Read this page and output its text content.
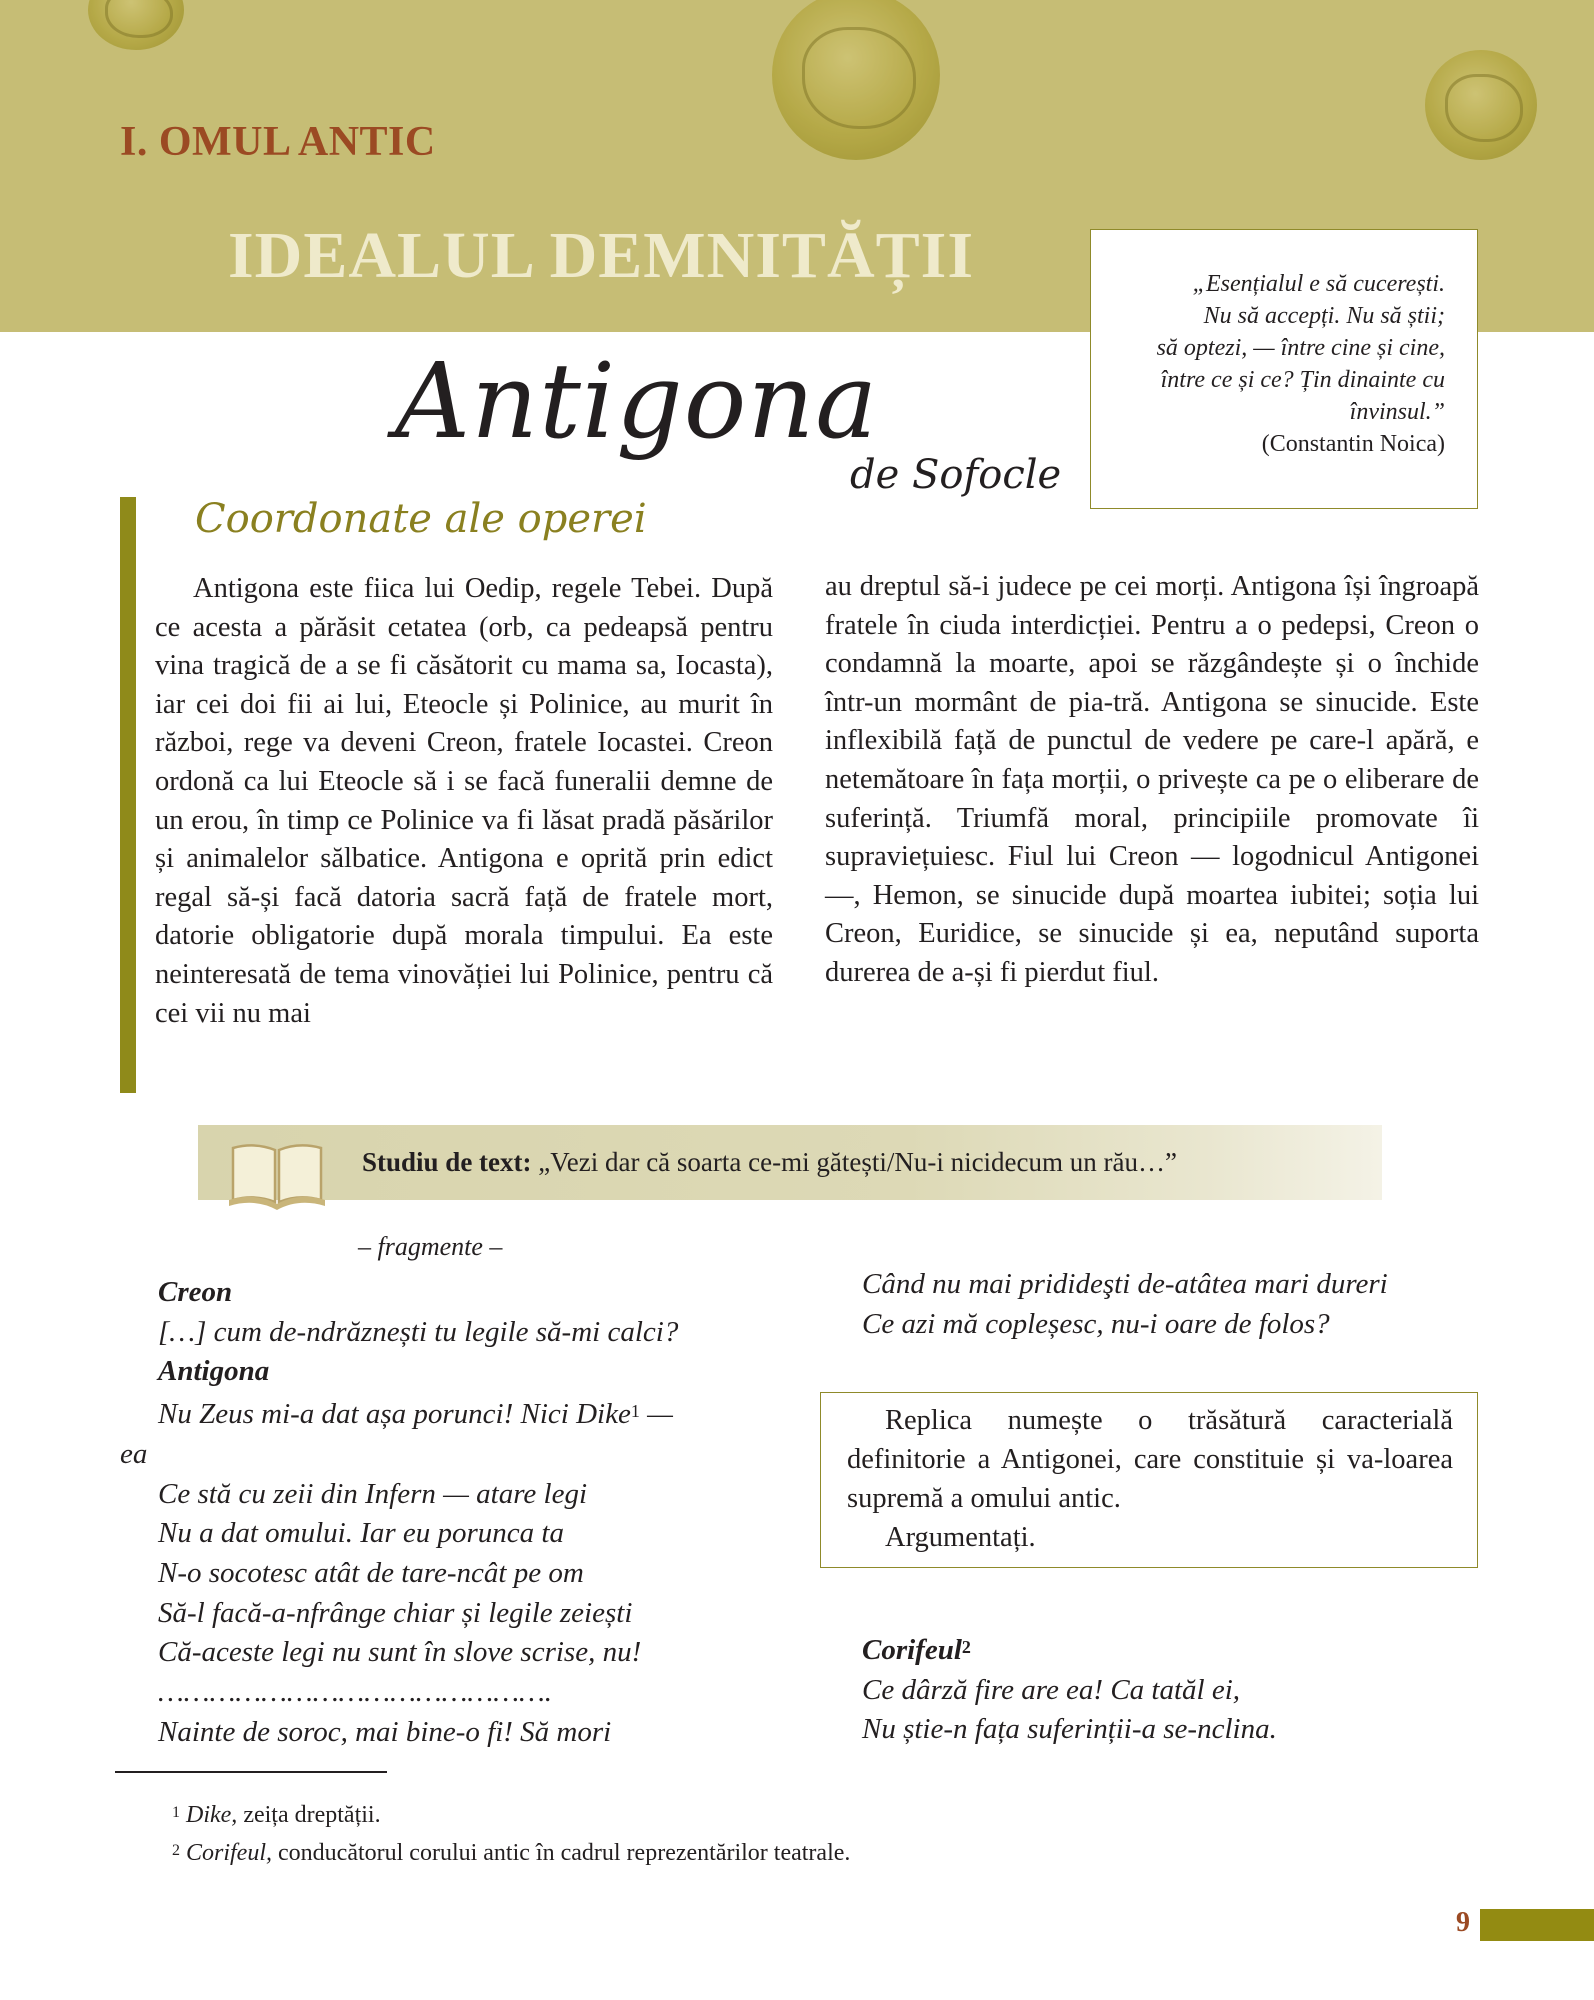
I. OMUL ANTIC
IDEALUL DEMNITĂȚII	„Esențialul e să cucerești.
Nu să accepți. Nu să știi;
să optezi, — între cine și cine,
între ce și ce? Țin dinainte cu
învinsul.”
(Constantin Noica)
Antigona
de Sofocle
Coordonate ale operei
Antigona este fiica lui Oedip, regele Tebei. După ce acesta a părăsit cetatea (orb, ca pedeapsă pentru vina tragică de a se fi căsătorit cu mama sa, Iocasta), iar cei doi fii ai lui, Eteocle și Polinice, au murit în război, rege va deveni Creon, fratele Iocastei. Creon ordonă ca lui Eteocle să i se facă funeralii demne de un erou, în timp ce Polinice va fi lăsat pradă păsărilor și animalelor sălbatice. Antigona e oprită prin edict regal să-și facă datoria sacră față de fratele mort, datorie obligatorie după morala timpului. Ea este neinteresată de tema vinovăției lui Polinice, pentru că cei vii nu mai
au dreptul să-i judece pe cei morți. Antigona își îngroapă fratele în ciuda interdicției. Pentru a o pedepsi, Creon o condamnă la moarte, apoi se răzgândește și o închide într-un mormânt de pia-tră. Antigona se sinucide. Este inflexibilă față de punctul de vedere pe care-l apără, e netemătoare în fața morții, o privește ca pe o eliberare de suferință. Triumfă moral, principiile promovate îi supraviețuiesc. Fiul lui Creon — logodnicul Antigonei —, Hemon, se sinucide după moartea iubitei; soția lui Creon, Euridice, se sinucide și ea, neputând suporta durerea de a-și fi pierdut fiul.
Studiu de text: „Vezi dar că soarta ce-mi gătești/Nu-i nicidecum un rău…”
– fragmente –
Creon
[…] cum de-ndrăznești tu legile să-mi calci?
Antigona
Nu Zeus mi-a dat așa porunci! Nici Dike$^1$ —
ea
Ce stă cu zeii din Infern — atare legi
Nu a dat omului. Iar eu porunca ta
N-o socotesc atât de tare-ncât pe om
Să-l facă-a-nfrânge chiar și legile zeiești
Că-aceste legi nu sunt în slove scrise, nu!
……………………………………….
Nainte de soroc, mai bine-o fi! Să mori
Când nu mai pridideşti de-atâtea mari dureri
Ce azi mă copleșesc, nu-i oare de folos?
Replica numește o trăsătură caracterială definitorie a Antigonei, care constituie și va-loarea supremă a omului antic.
Argumentați.
Corifeul$^2$
Ce dârză fire are ea! Ca tatăl ei,
Nu știe-n fața suferinții-a se-nclina.
$^1$ Dike, zeița dreptății.
$^2$ Corifeul, conducătorul corului antic în cadrul reprezentărilor teatrale.
9
